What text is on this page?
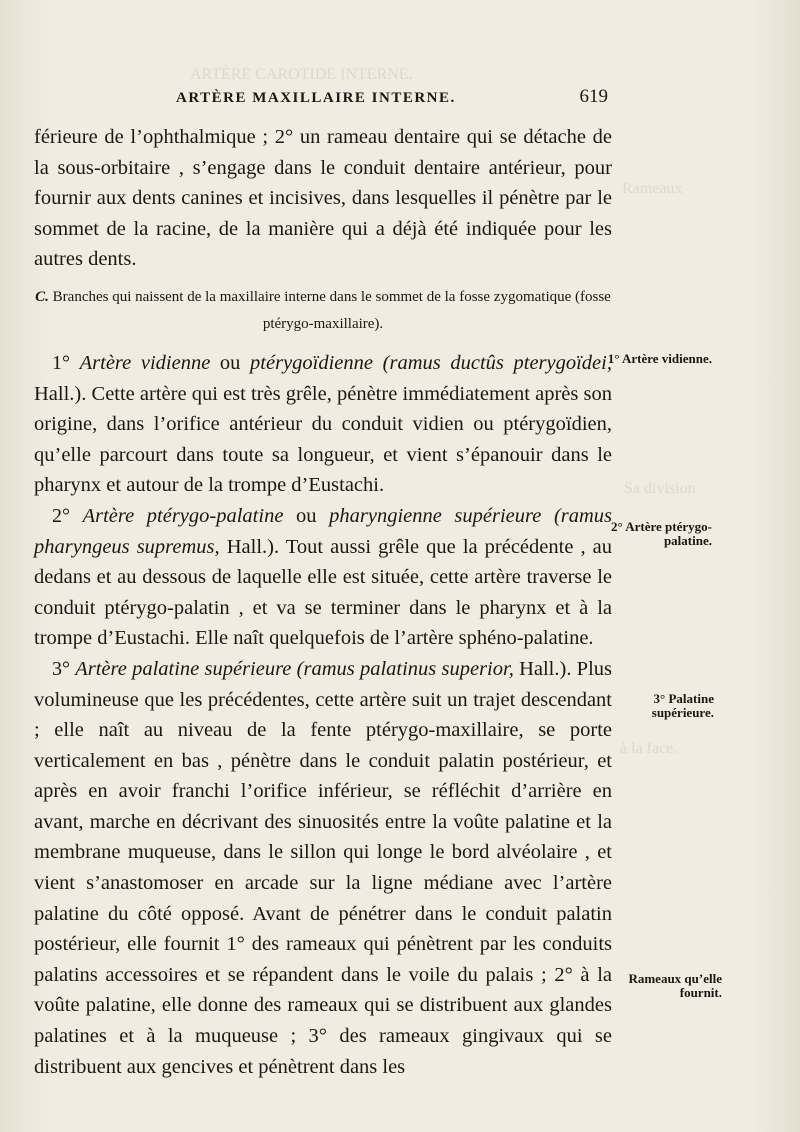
ARTÈRE CAROTIDE INTERNE.
Rameaux
Sa division
à la face.
ARTÈRE MAXILLAIRE INTERNE.	619

férieure de l’ophthalmique ; 2° un rameau dentaire qui se détache de la sous-orbitaire , s’engage dans le conduit dentaire antérieur, pour fournir aux dents canines et incisives, dans lesquelles il pénètre par le sommet de la racine, de la manière qui a déjà été indiquée pour les autres dents.

C. Branches qui naissent de la maxillaire interne dans le sommet de la fosse zygomatique (fosse ptérygo-maxillaire).

1° Artère vidienne ou ptérygoïdienne (ramus ductûs pterygoïdei, Hall.). Cette artère qui est très grêle, pénètre immédiatement après son origine, dans l’orifice antérieur du conduit vidien ou ptérygoïdien, qu’elle parcourt dans toute sa longueur, et vient s’épanouir dans le pharynx et autour de la trompe d’Eustachi.

2° Artère ptérygo-palatine ou pharyngienne supérieure (ramus pharyngeus supremus, Hall.). Tout aussi grêle que la précédente , au dedans et au dessous de laquelle elle est située, cette artère traverse le conduit ptérygo-palatin , et va se terminer dans le pharynx et à la trompe d’Eustachi. Elle naît quelquefois de l’artère sphéno-palatine.

3° Artère palatine supérieure (ramus palatinus superior, Hall.). Plus volumineuse que les précédentes, cette artère suit un trajet descendant ; elle naît au niveau de la fente ptérygo-maxillaire, se porte verticalement en bas , pénètre dans le conduit palatin postérieur, et après en avoir franchi l’orifice inférieur, se réfléchit d’arrière en avant, marche en décrivant des sinuosités entre la voûte palatine et la membrane muqueuse, dans le sillon qui longe le bord alvéolaire , et vient s’anastomoser en arcade sur la ligne médiane avec l’artère palatine du côté opposé. Avant de pénétrer dans le conduit palatin postérieur, elle fournit 1° des rameaux qui pénètrent par les conduits palatins accessoires et se répandent dans le voile du palais ; 2° à la voûte palatine, elle donne des rameaux qui se distribuent aux glandes palatines et à la muqueuse ; 3° des rameaux gingivaux qui se distribuent aux gencives et pénètrent dans les

1° Artère vidienne.
2° Artère ptérygo-palatine.
3° Palatine supérieure.
Rameaux qu’elle fournit.
